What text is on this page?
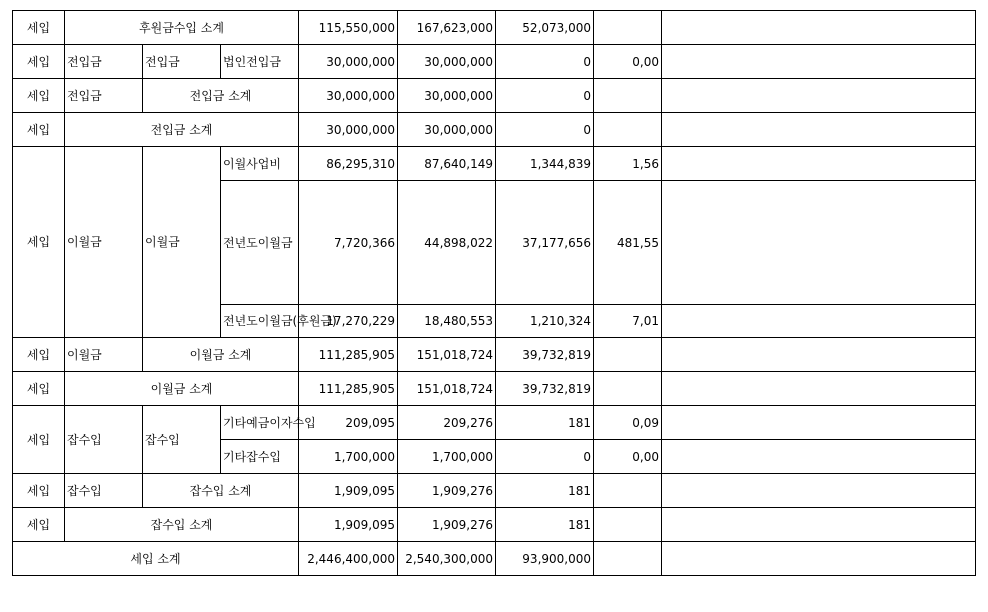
세입	후원금수입 소계			115,550,000	167,623,000	52,073,000		
세입	전입금	전입금	법인전입금	30,000,000	30,000,000	0	0,00	
세입	전입금	전입금 소계		30,000,000	30,000,000	0		
세입	전입금 소계			30,000,000	30,000,000	0		
세입	이월금	이월금	이월사업비	86,295,310	87,640,149	1,344,839	1,56	
			전년도이월금	7,720,366	44,898,022	37,177,656	481,55	
			전년도이월금(후원금)	17,270,229	18,480,553	1,210,324	7,01	
세입	이월금	이월금 소계		111,285,905	151,018,724	39,732,819		
세입	이월금 소계			111,285,905	151,018,724	39,732,819		
세입	잡수입	잡수입	기타예금이자수입	209,095	209,276	181	0,09	
			기타잡수입	1,700,000	1,700,000	0	0,00	
세입	잡수입	잡수입 소계		1,909,095	1,909,276	181		
세입	잡수입 소계			1,909,095	1,909,276	181		
세입 소계				2,446,400,000	2,540,300,000	93,900,000		
